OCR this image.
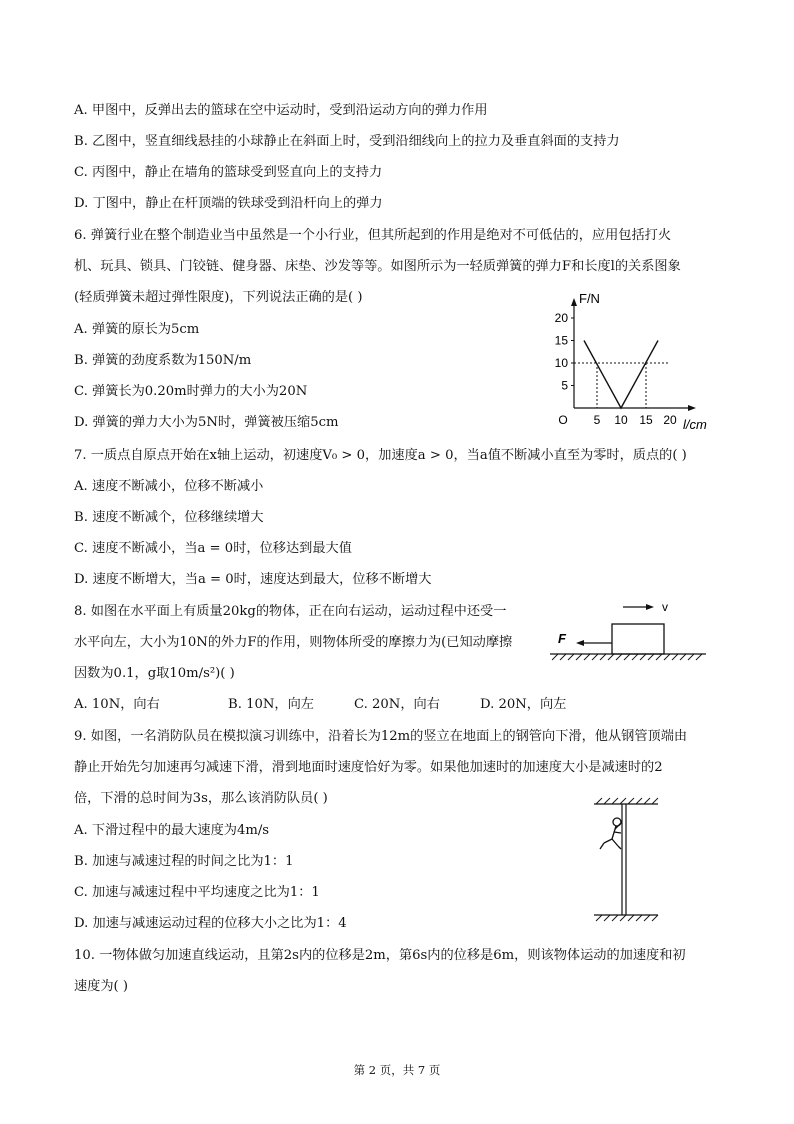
A. 甲图中，反弹出去的篮球在空中运动时，受到沿运动方向的弹力作用
B. 乙图中，竖直细线悬挂的小球静止在斜面上时，受到沿细线向上的拉力及垂直斜面的支持力
C. 丙图中，静止在墙角的篮球受到竖直向上的支持力
D. 丁图中，静止在杆顶端的铁球受到沿杆向上的弹力
6. 弹簧行业在整个制造业当中虽然是一个小行业，但其所起到的作用是绝对不可低估的，应用包括打火
机、玩具、锁具、门铰链、健身器、床垫、沙发等等。如图所示为一轻质弹簧的弹力F和长度l的关系图象
(轻质弹簧未超过弹性限度)，下列说法正确的是( )
A. 弹簧的原长为5cm
B. 弹簧的劲度系数为150N/m
C. 弹簧长为0.20m时弹力的大小为20N
D. 弹簧的弹力大小为5N时，弹簧被压缩5cm
20
15
10
5
O 5 10 15 20
F/N
l/cm
7. 一质点自原点开始在x轴上运动，初速度V₀ > 0，加速度a > 0，当a值不断减小直至为零时，质点的( )
A. 速度不断减小，位移不断减小
B. 速度不断减个，位移继续增大
C. 速度不断减小，当a = 0时，位移达到最大值
D. 速度不断增大，当a = 0时，速度达到最大，位移不断增大
8. 如图在水平面上有质量20kg的物体，正在向右运动，运动过程中还受一
水平向左，大小为10N的外力F的作用，则物体所受的摩擦力为(已知动摩擦
因数为0.1，g取10m/s²)( )
A. 10N，向右	B. 10N，向左	C. 20N，向右	D. 20N，向左
v
F
9. 如图，一名消防队员在模拟演习训练中，沿着长为12m的竖立在地面上的钢管向下滑，他从钢管顶端由
静止开始先匀加速再匀减速下滑，滑到地面时速度恰好为零。如果他加速时的加速度大小是减速时的2
倍，下滑的总时间为3s，那么该消防队员( )
A. 下滑过程中的最大速度为4m/s
B. 加速与减速过程的时间之比为1：1
C. 加速与减速过程中平均速度之比为1：1
D. 加速与减速运动过程的位移大小之比为1：4
10. 一物体做匀加速直线运动，且第2s内的位移是2m，第6s内的位移是6m，则该物体运动的加速度和初
速度为( )
第 2 页，共 7 页
